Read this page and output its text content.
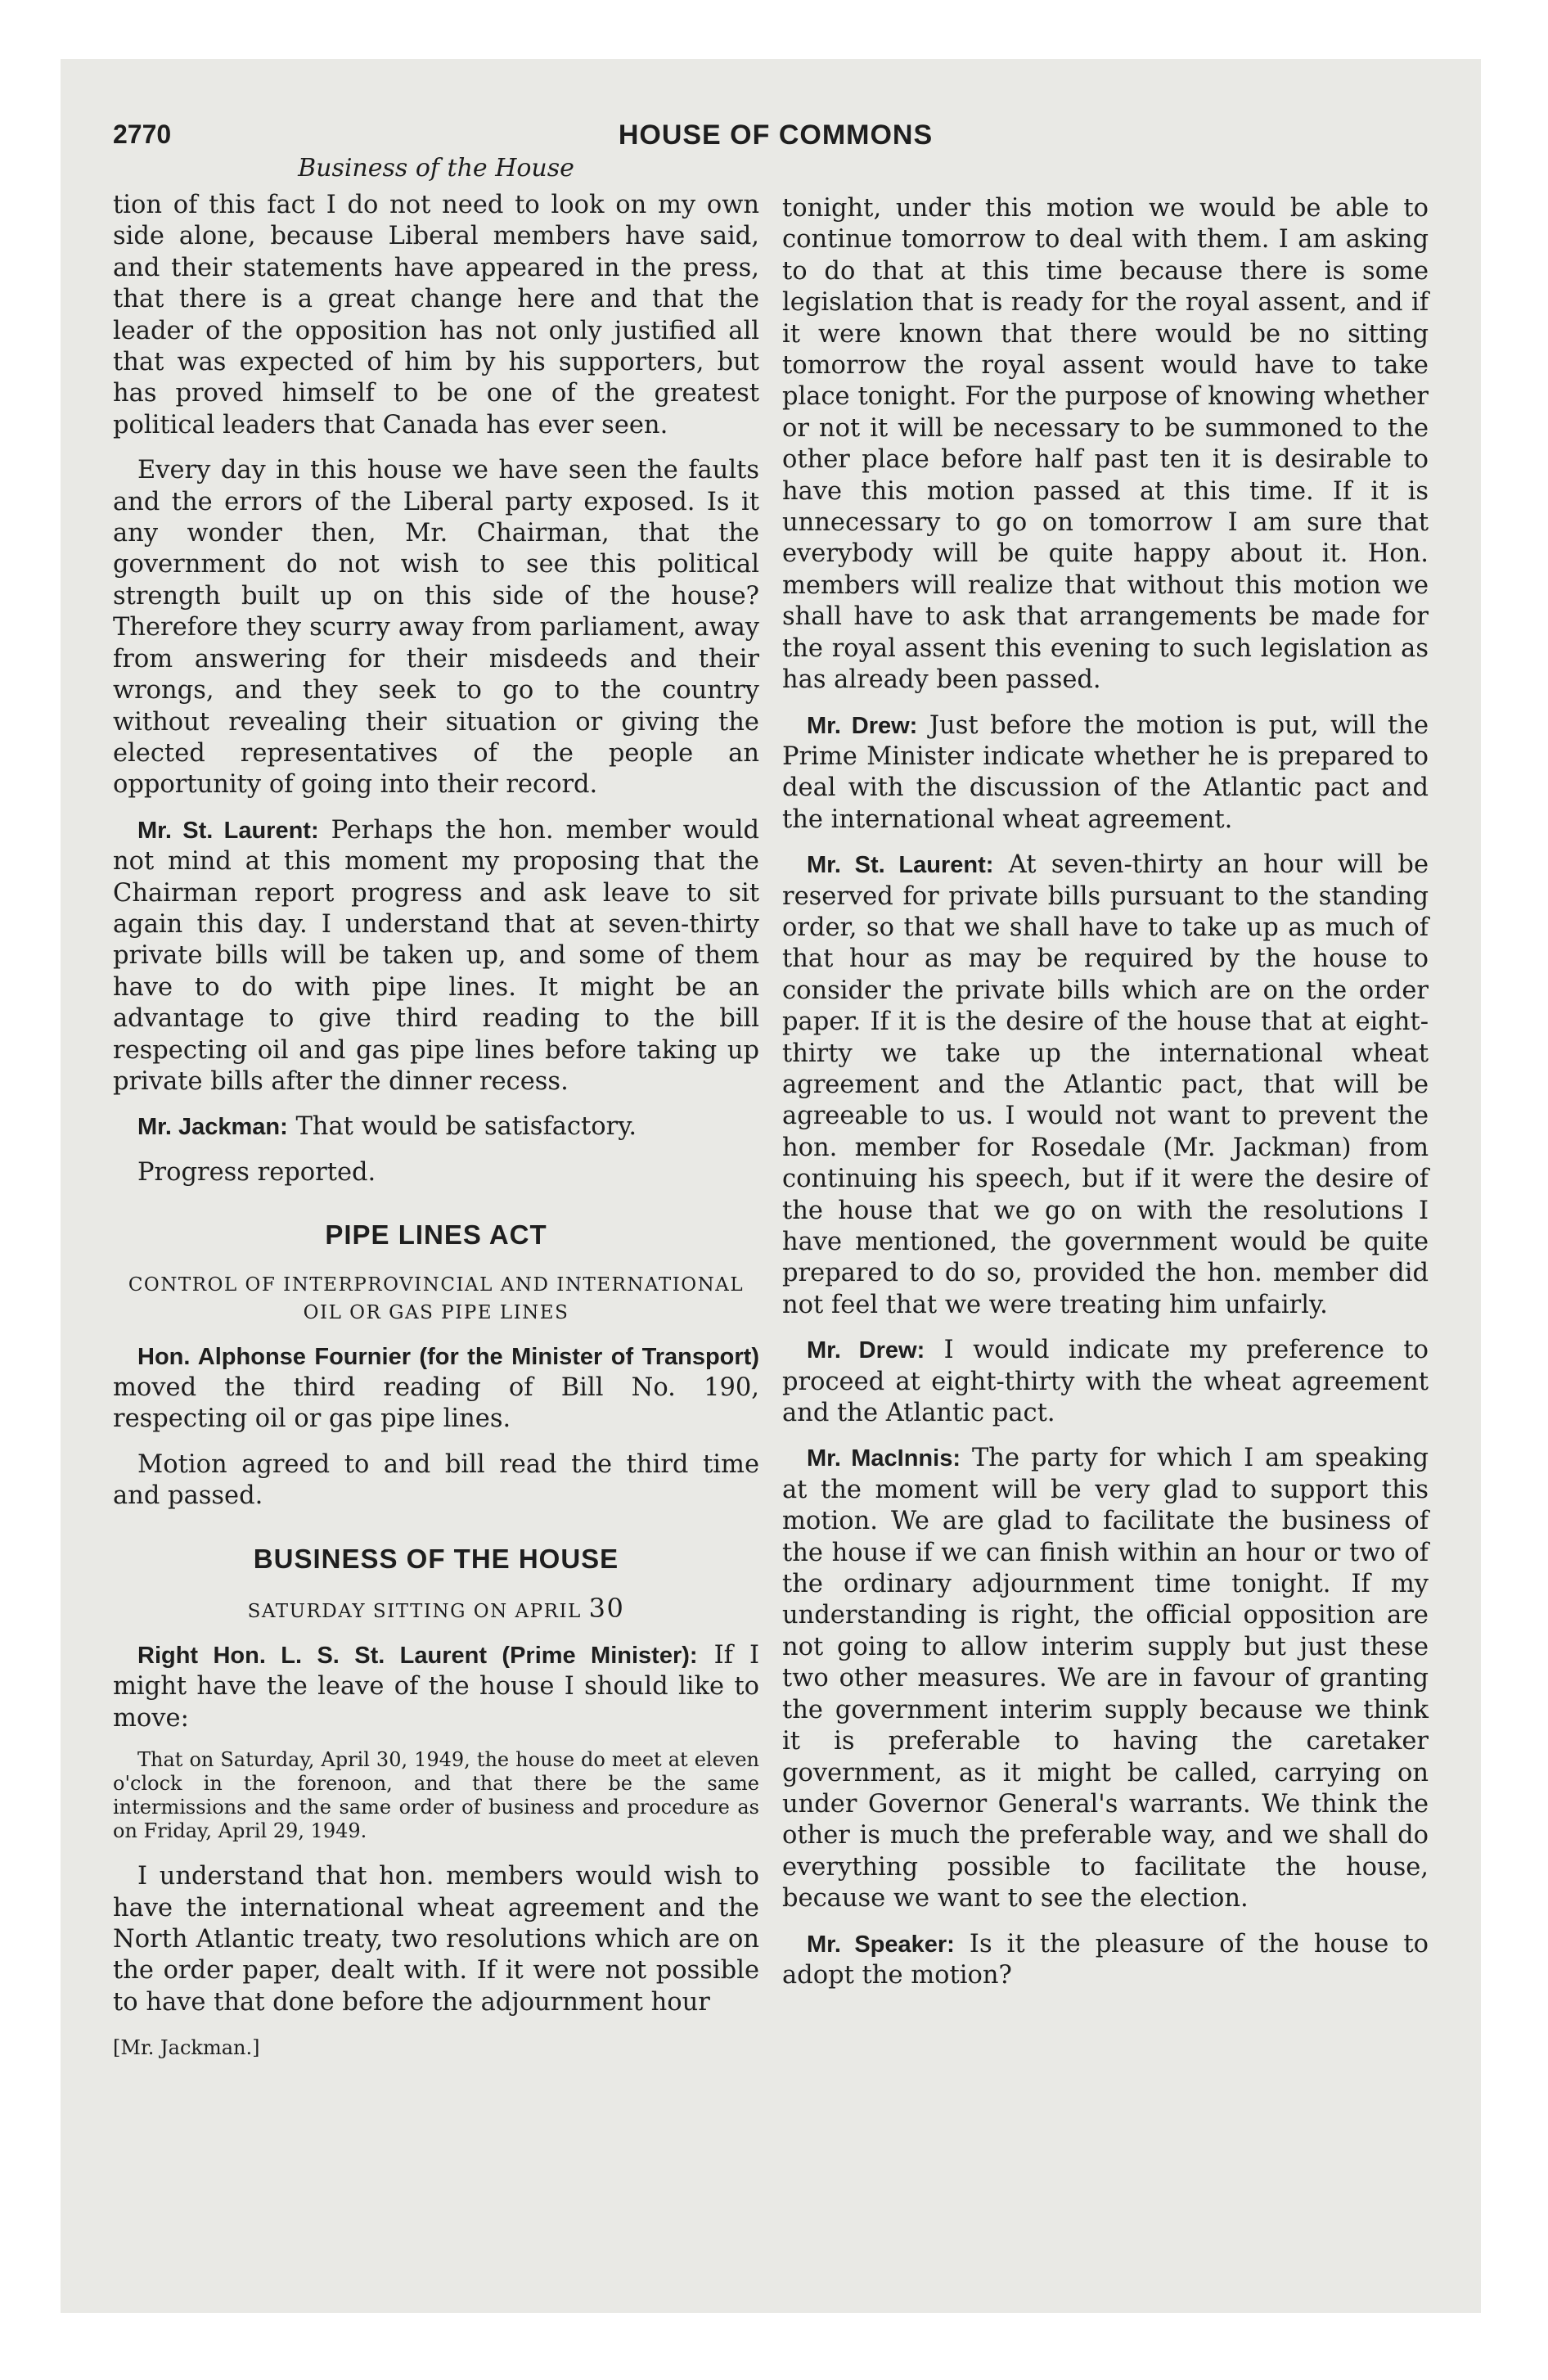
2770	HOUSE OF COMMONS
Business of the House

tion of this fact I do not need to look on my own side alone, because Liberal members have said, and their statements have appeared in the press, that there is a great change here and that the leader of the opposition has not only justified all that was expected of him by his supporters, but has proved himself to be one of the greatest political leaders that Canada has ever seen.

Every day in this house we have seen the faults and the errors of the Liberal party exposed. Is it any wonder then, Mr. Chairman, that the government do not wish to see this political strength built up on this side of the house? Therefore they scurry away from parliament, away from answering for their misdeeds and their wrongs, and they seek to go to the country without revealing their situation or giving the elected representatives of the people an opportunity of going into their record.

Mr. St. Laurent: Perhaps the hon. member would not mind at this moment my proposing that the Chairman report progress and ask leave to sit again this day. I understand that at seven-thirty private bills will be taken up, and some of them have to do with pipe lines. It might be an advantage to give third reading to the bill respecting oil and gas pipe lines before taking up private bills after the dinner recess.

Mr. Jackman: That would be satisfactory.

Progress reported.

PIPE LINES ACT
CONTROL OF INTERPROVINCIAL AND INTERNATIONAL OIL OR GAS PIPE LINES

Hon. Alphonse Fournier (for the Minister of Transport) moved the third reading of Bill No. 190, respecting oil or gas pipe lines.

Motion agreed to and bill read the third time and passed.

BUSINESS OF THE HOUSE
SATURDAY SITTING ON APRIL 30

Right Hon. L. S. St. Laurent (Prime Minister): If I might have the leave of the house I should like to move:

That on Saturday, April 30, 1949, the house do meet at eleven o'clock in the forenoon, and that there be the same intermissions and the same order of business and procedure as on Friday, April 29, 1949.

I understand that hon. members would wish to have the international wheat agreement and the North Atlantic treaty, two resolutions which are on the order paper, dealt with. If it were not possible to have that done before the adjournment hour

[Mr. Jackman.]

tonight, under this motion we would be able to continue tomorrow to deal with them. I am asking to do that at this time because there is some legislation that is ready for the royal assent, and if it were known that there would be no sitting tomorrow the royal assent would have to take place tonight. For the purpose of knowing whether or not it will be necessary to be summoned to the other place before half past ten it is desirable to have this motion passed at this time. If it is unnecessary to go on tomorrow I am sure that everybody will be quite happy about it. Hon. members will realize that without this motion we shall have to ask that arrangements be made for the royal assent this evening to such legislation as has already been passed.

Mr. Drew: Just before the motion is put, will the Prime Minister indicate whether he is prepared to deal with the discussion of the Atlantic pact and the international wheat agreement.

Mr. St. Laurent: At seven-thirty an hour will be reserved for private bills pursuant to the standing order, so that we shall have to take up as much of that hour as may be required by the house to consider the private bills which are on the order paper. If it is the desire of the house that at eight-thirty we take up the international wheat agreement and the Atlantic pact, that will be agreeable to us. I would not want to prevent the hon. member for Rosedale (Mr. Jackman) from continuing his speech, but if it were the desire of the house that we go on with the resolutions I have mentioned, the government would be quite prepared to do so, provided the hon. member did not feel that we were treating him unfairly.

Mr. Drew: I would indicate my preference to proceed at eight-thirty with the wheat agreement and the Atlantic pact.

Mr. MacInnis: The party for which I am speaking at the moment will be very glad to support this motion. We are glad to facilitate the business of the house if we can finish within an hour or two of the ordinary adjournment time tonight. If my understanding is right, the official opposition are not going to allow interim supply but just these two other measures. We are in favour of granting the government interim supply because we think it is preferable to having the caretaker government, as it might be called, carrying on under Governor General's warrants. We think the other is much the preferable way, and we shall do everything possible to facilitate the house, because we want to see the election.

Mr. Speaker: Is it the pleasure of the house to adopt the motion?
